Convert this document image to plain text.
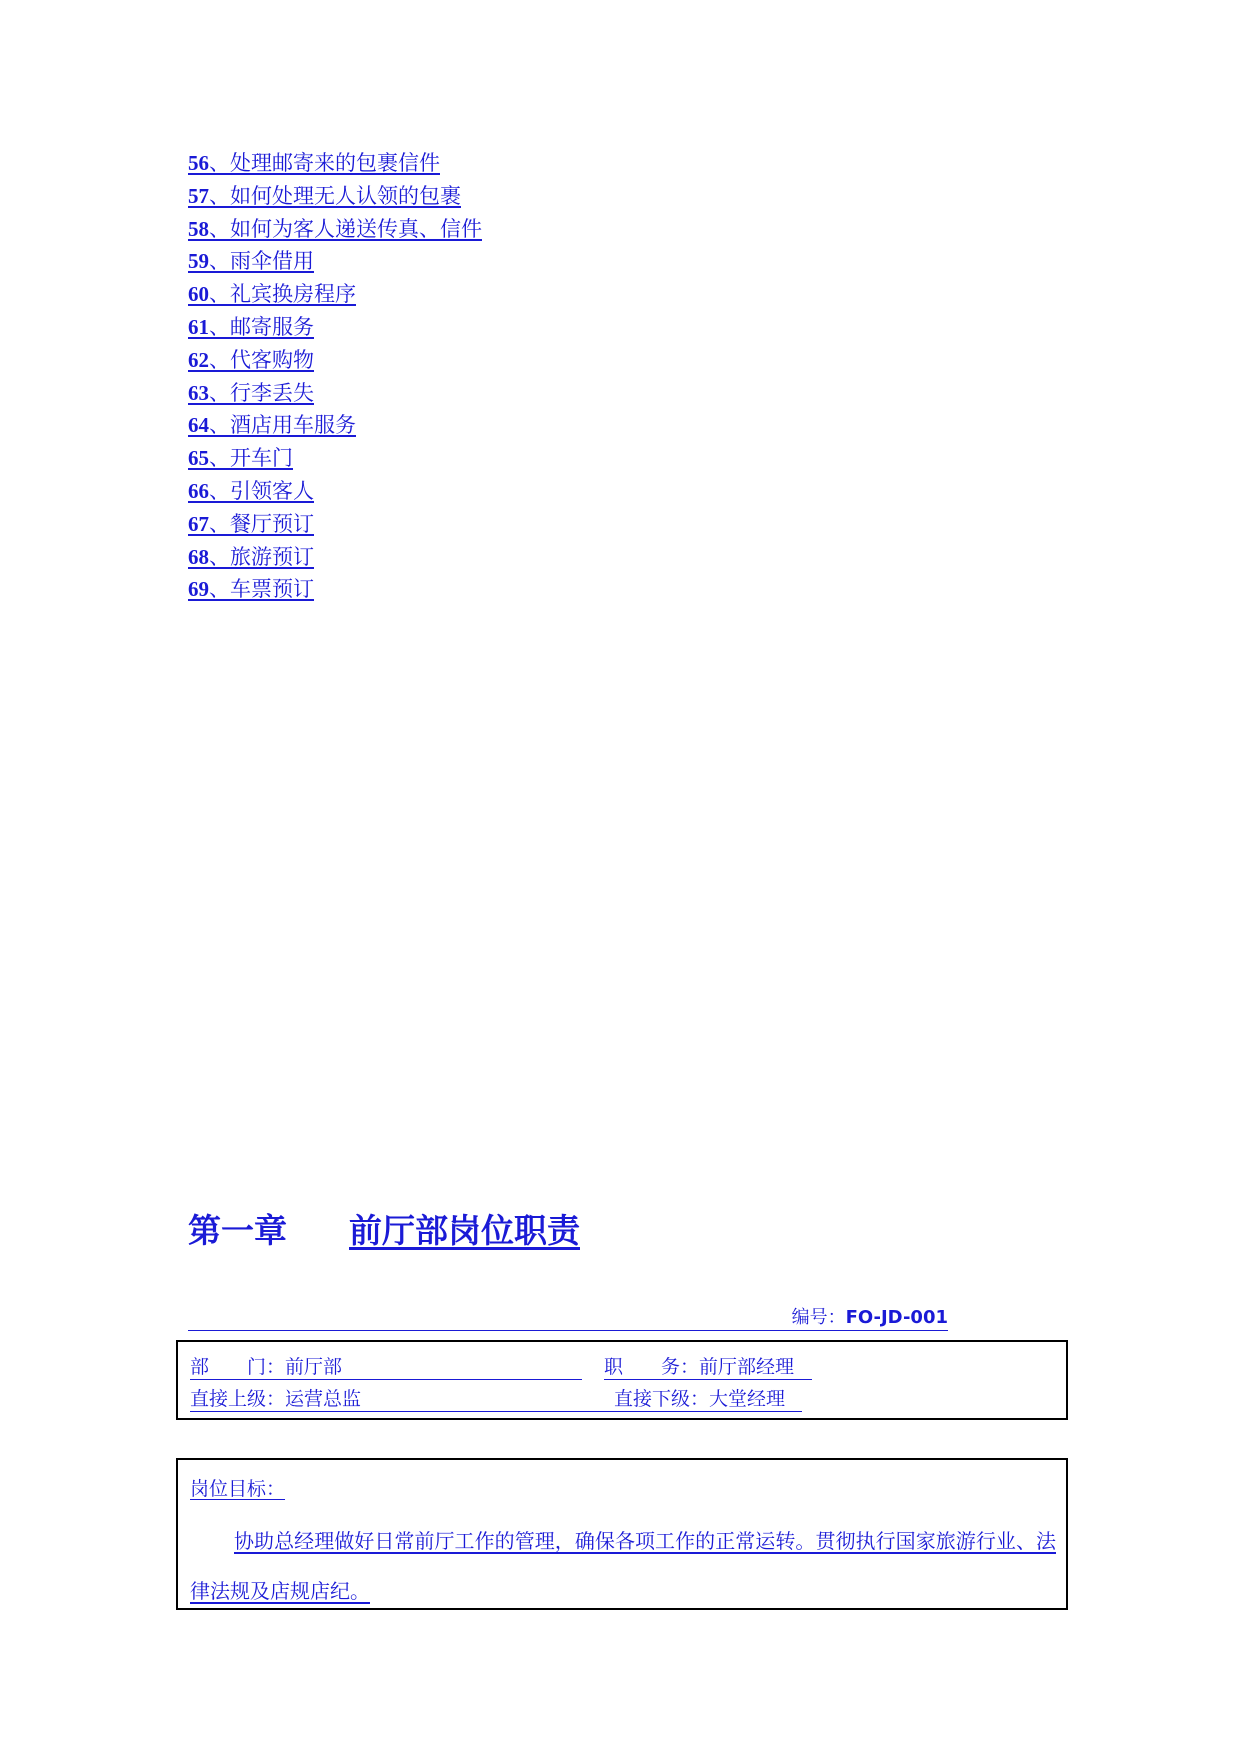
56、处理邮寄来的包裹信件
57、如何处理无人认领的包裹
58、如何为客人递送传真、信件
59、雨伞借用
60、礼宾换房程序
61、邮寄服务
62、代客购物
63、行李丢失
64、酒店用车服务
65、开车门
66、引领客人
67、餐厅预订
68、旅游预订
69、车票预订
第一章 前厅部岗位职责
编号：FO-JD-001
部　　门：前厅部	职　　务：前厅部经理
直接上级：运营总监	直接下级：大堂经理
岗位目标：
协助总经理做好日常前厅工作的管理，确保各项工作的正常运转。贯彻执行国家旅游行业、法律法规及店规店纪。
